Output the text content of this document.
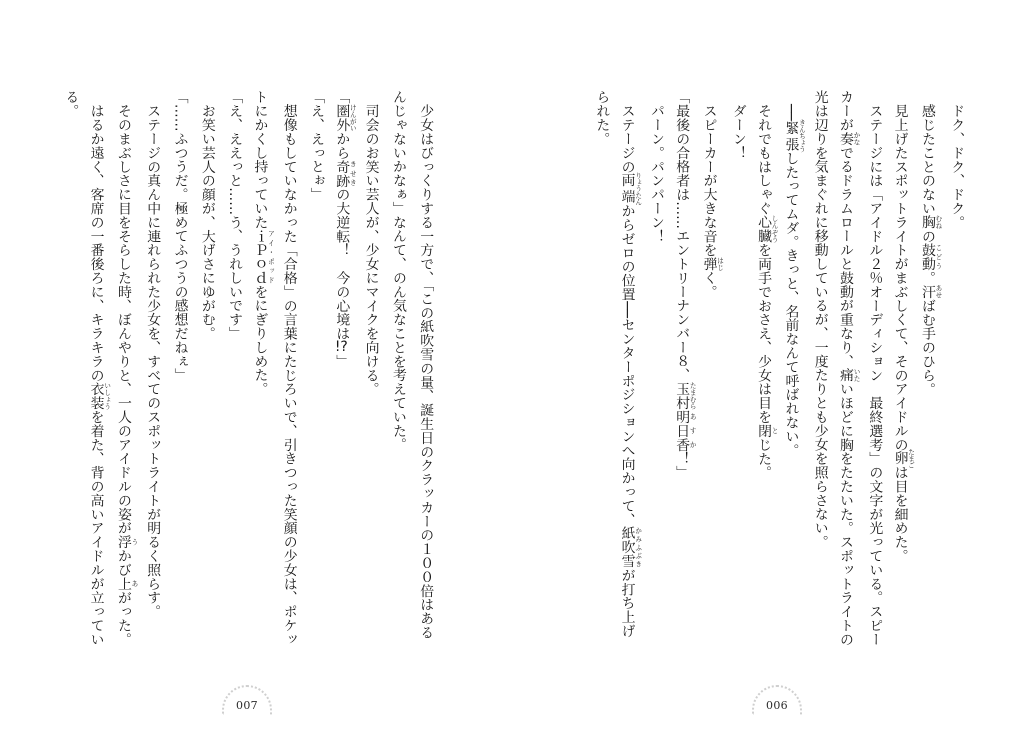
少女はびっくりする一方で、「この紙吹雪の量、誕生日のクラッカーの１００倍はある
んじゃないかなぁ」なんて、のん気なことを考えていた。
司会のお笑い芸人が、少女にマイクを向ける。
「圏外 けんがいから奇跡 きせきの大逆転！　今の心境は!?」
「え、えっとぉ」
想像もしていなかった「合格」の言葉にたじろいで、引きつった笑顔の少女は、ポケッ
トにかくし持っていたｉＰｏｄ アイ・ポッドをにぎりしめた。
「え、ええっと……う、うれしいです」
お笑い芸人の顔が、大げさにゆがむ。
「……ふつうだ。極めてふつうの感想だねぇ」
ステージの真ん中に連れられた少女を、すべてのスポットライトが明るく照らす。
そのまぶしさに目をそらした時、ぼんやりと、一人のアイドルの姿が浮 うかび上 あがった。
はるか遠く、客席の一番後ろに、キラキラの衣装 いしょうを着た、背の高いアイドルが立ってい
る。
007
ドク、ドク、ドク。
感じたことのない胸 むねの鼓動 こどう。汗 あせばむ手のひら。
見上げたスポットライトがまぶしくて、そのアイドルの卵 たまごは目を細めた。
ステージには「アイドル２％オーディション　最終選考」の文字が光っている。スピー
カーが奏 かなでるドラムロールと鼓動が重なり、痛 いたいほどに胸をたたいた。スポットライトの
光は辺りを気まぐれに移動しているが、一度たりとも少女を照らさない。
──緊張 きんちょうしたってムダ。きっと、名前なんて呼ばれない。
それでもはしゃぐ心臓 しんぞうを両手でおさえ、少女は目を閉 とじた。
ダーン！
スピーカーが大きな音を弾 はじく。
「最後の合格者は……エントリーナンバー８、玉村 たまむら明日香 あすか！」
パーン。パンパーン！
ステージの両端 りょうたんからゼロの位置──センターポジションへ向かって、紙吹雪 かみふぶきが打ち上げ
られた。
006
